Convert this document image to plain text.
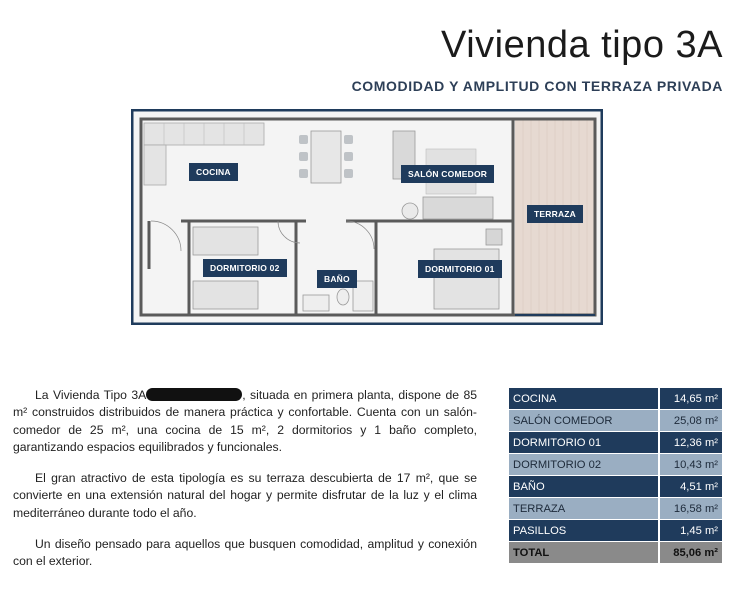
Vivienda tipo 3A
COMODIDAD Y AMPLITUD CON TERRAZA PRIVADA
COCINA	SALÓN COMEDOR
TERRAZA
DORMITORIO 02
BAÑO
DORMITORIO 01

La Vivienda Tipo 3A	, situada en primera planta, dispone de 85 m² construidos distribuidos de manera práctica y confortable. Cuenta con un salón-comedor de 25 m², una cocina de 15 m², 2 dormitorios y 1 baño completo, garantizando espacios equilibrados y funcionales.

El gran atractivo de esta tipología es su terraza descubierta de 17 m², que se convierte en una extensión natural del hogar y permite disfrutar de la luz y el clima mediterráneo durante todo el año.

Un diseño pensado para aquellos que busquen comodidad, amplitud y conexión con el exterior.

COCINA	14,65 m²
SALÓN COMEDOR	25,08 m²
DORMITORIO 01	12,36 m²
DORMITORIO 02	10,43 m²
BAÑO	4,51 m²
TERRAZA	16,58 m²
PASILLOS	1,45 m²
TOTAL	85,06 m²
